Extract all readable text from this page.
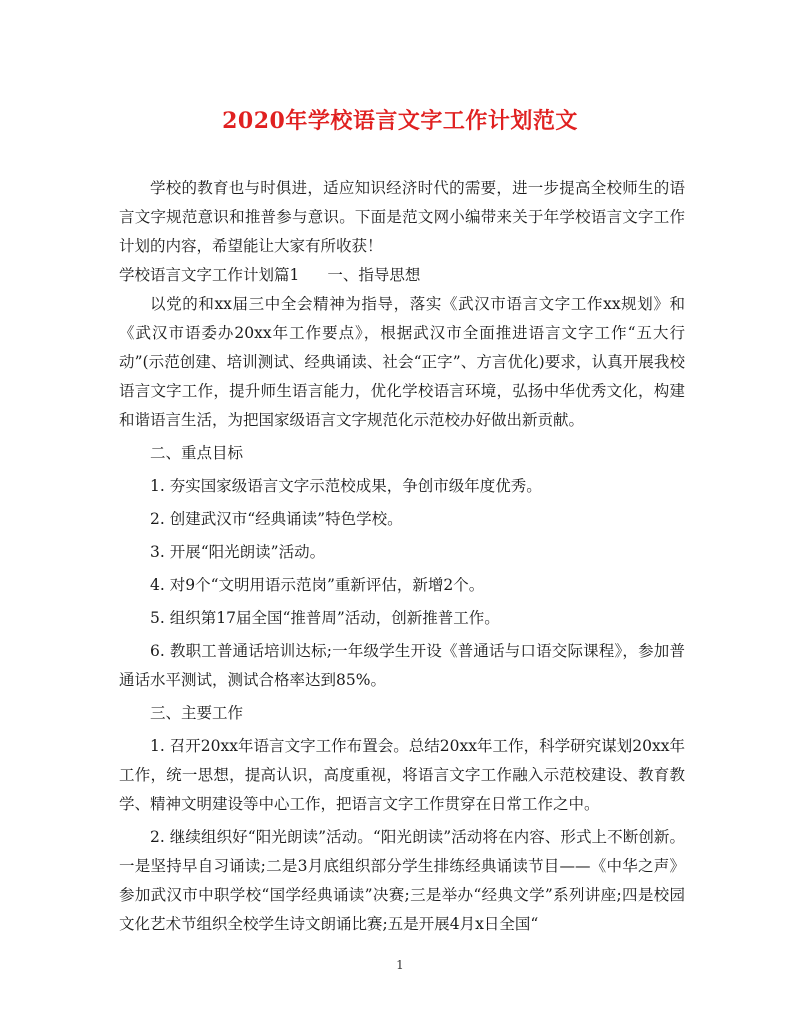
2020年学校语言文字工作计划范文

学校的教育也与时俱进，适应知识经济时代的需要，进一步提高全校师生的语言文字规范意识和推普参与意识。下面是范文网小编带来关于年学校语言文字工作计划的内容，希望能让大家有所收获！

学校语言文字工作计划篇1 一、指导思想

以党的和xx届三中全会精神为指导，落实《武汉市语言文字工作xx规划》和《武汉市语委办20xx年工作要点》，根据武汉市全面推进语言文字工作“五大行动”(示范创建、培训测试、经典诵读、社会“正字”、方言优化)要求，认真开展我校语言文字工作，提升师生语言能力，优化学校语言环境，弘扬中华优秀文化，构建和谐语言生活，为把国家级语言文字规范化示范校办好做出新贡献。

二、重点目标

1. 夯实国家级语言文字示范校成果，争创市级年度优秀。

2. 创建武汉市“经典诵读”特色学校。

3. 开展“阳光朗读”活动。

4. 对9个“文明用语示范岗”重新评估，新增2个。

5. 组织第17届全国“推普周”活动，创新推普工作。

6. 教职工普通话培训达标;一年级学生开设《普通话与口语交际课程》，参加普通话水平测试，测试合格率达到85%。

三、主要工作

1. 召开20xx年语言文字工作布置会。总结20xx年工作，科学研究谋划20xx年工作，统一思想，提高认识，高度重视，将语言文字工作融入示范校建设、教育教学、精神文明建设等中心工作，把语言文字工作贯穿在日常工作之中。

2. 继续组织好“阳光朗读”活动。“阳光朗读”活动将在内容、形式上不断创新。一是坚持早自习诵读;二是3月底组织部分学生排练经典诵读节目——《中华之声》参加武汉市中职学校“国学经典诵读”决赛;三是举办“经典文学”系列讲座;四是校园文化艺术节组织全校学生诗文朗诵比赛;五是开展4月x日全国“

1
